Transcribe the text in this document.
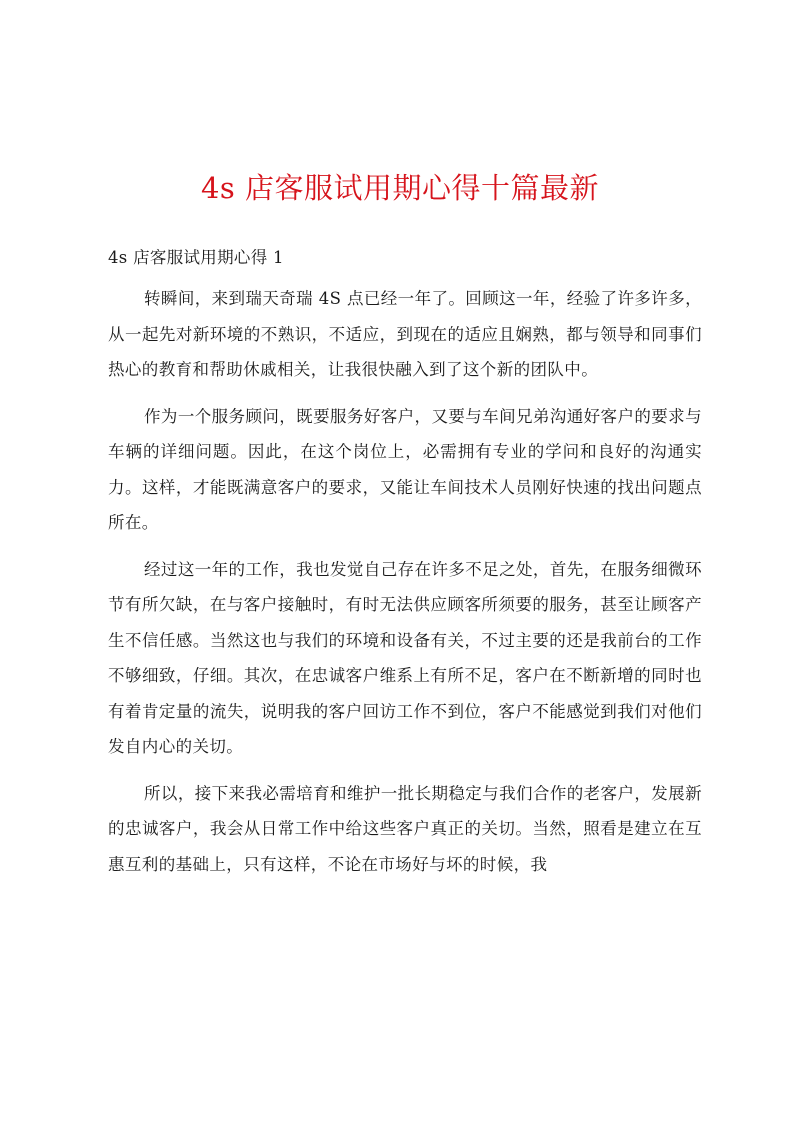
4s 店客服试用期心得十篇最新
4s 店客服试用期心得 1

转瞬间，来到瑞天奇瑞 4S 点已经一年了。回顾这一年，经验了许多许多，从一起先对新环境的不熟识，不适应，到现在的适应且娴熟，都与领导和同事们热心的教育和帮助休戚相关，让我很快融入到了这个新的团队中。

作为一个服务顾问，既要服务好客户，又要与车间兄弟沟通好客户的要求与车辆的详细问题。因此，在这个岗位上，必需拥有专业的学问和良好的沟通实力。这样，才能既满意客户的要求，又能让车间技术人员刚好快速的找出问题点所在。

经过这一年的工作，我也发觉自己存在许多不足之处，首先，在服务细微环节有所欠缺，在与客户接触时，有时无法供应顾客所须要的服务，甚至让顾客产生不信任感。当然这也与我们的环境和设备有关，不过主要的还是我前台的工作不够细致，仔细。其次，在忠诚客户维系上有所不足，客户在不断新增的同时也有着肯定量的流失，说明我的客户回访工作不到位，客户不能感觉到我们对他们发自内心的关切。

所以，接下来我必需培育和维护一批长期稳定与我们合作的老客户，发展新的忠诚客户，我会从日常工作中给这些客户真正的关切。当然，照看是建立在互惠互利的基础上，只有这样，不论在市场好与坏的时候，我
